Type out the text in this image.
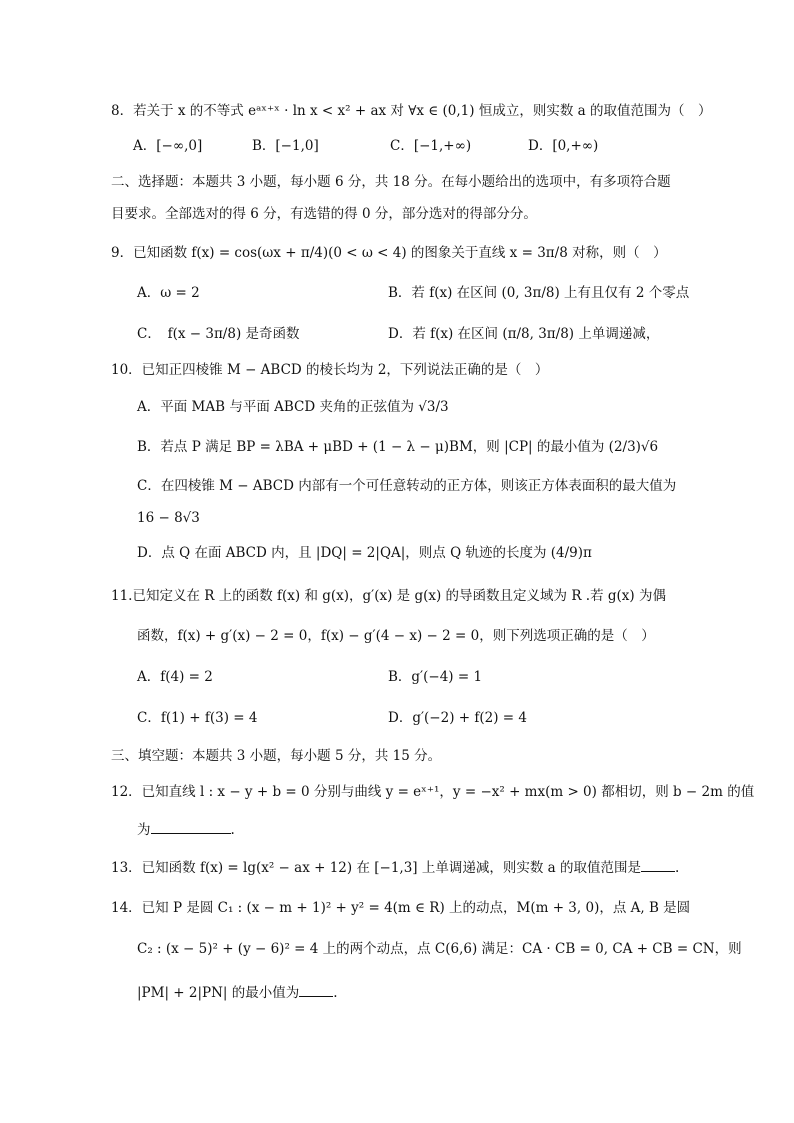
8．若关于 x 的不等式 eᵃˣ⁺ˣ · ln x < x² + ax 对 ∀x ∈ (0,1) 恒成立，则实数 a 的取值范围为（　）
A．[−∞,0]	B．[−1,0]	C．[−1,+∞)	D．[0,+∞)
二、选择题：本题共 3 小题，每小题 6 分，共 18 分。在每小题给出的选项中，有多项符合题
目要求。全部选对的得 6 分，有选错的得 0 分，部分选对的得部分分。
9．已知函数 f(x) = cos(ωx + π/4)(0 < ω < 4) 的图象关于直线 x = 3π/8 对称，则（　）
A．ω = 2	B．若 f(x) 在区间 (0, 3π/8) 上有且仅有 2 个零点
C．　f(x − 3π/8) 是奇函数	D．若 f(x) 在区间 (π/8, 3π/8) 上单调递减，
10．已知正四棱锥 M − ABCD 的棱长均为 2，下列说法正确的是（　）
A．平面 MAB 与平面 ABCD 夹角的正弦值为 √3/3
B．若点 P 满足 BP = λBA + μBD + (1 − λ − μ)BM，则 |CP| 的最小值为 (2/3)√6
C．在四棱锥 M − ABCD 内部有一个可任意转动的正方体，则该正方体表面积的最大值为
16 − 8√3
D．点 Q 在面 ABCD 内，且 |DQ| = 2|QA|，则点 Q 轨迹的长度为 (4/9)π
11.已知定义在 R 上的函数 f(x) 和 g(x)，g′(x) 是 g(x) 的导函数且定义域为 R .若 g(x) 为偶
函数，f(x) + g′(x) − 2 = 0，f(x) − g′(4 − x) − 2 = 0，则下列选项正确的是（　）
A．f(4) = 2	B．g′(−4) = 1
C．f(1) + f(3) = 4	D．g′(−2) + f(2) = 4
三、填空题：本题共 3 小题，每小题 5 分，共 15 分。
12．已知直线 l : x − y + b = 0 分别与曲线 y = eˣ⁺¹，y = −x² + mx(m > 0) 都相切，则 b − 2m 的值
为	.
13．已知函数 f(x) = lg(x² − ax + 12) 在 [−1,3] 上单调递减，则实数 a 的取值范围是	.
14．已知 P 是圆 C₁ : (x − m + 1)² + y² = 4(m ∈ R) 上的动点，M(m + 3, 0)，点 A, B 是圆
C₂ : (x − 5)² + (y − 6)² = 4 上的两个动点，点 C(6,6) 满足：CA · CB = 0, CA + CB = CN，则
|PM| + 2|PN| 的最小值为	.
